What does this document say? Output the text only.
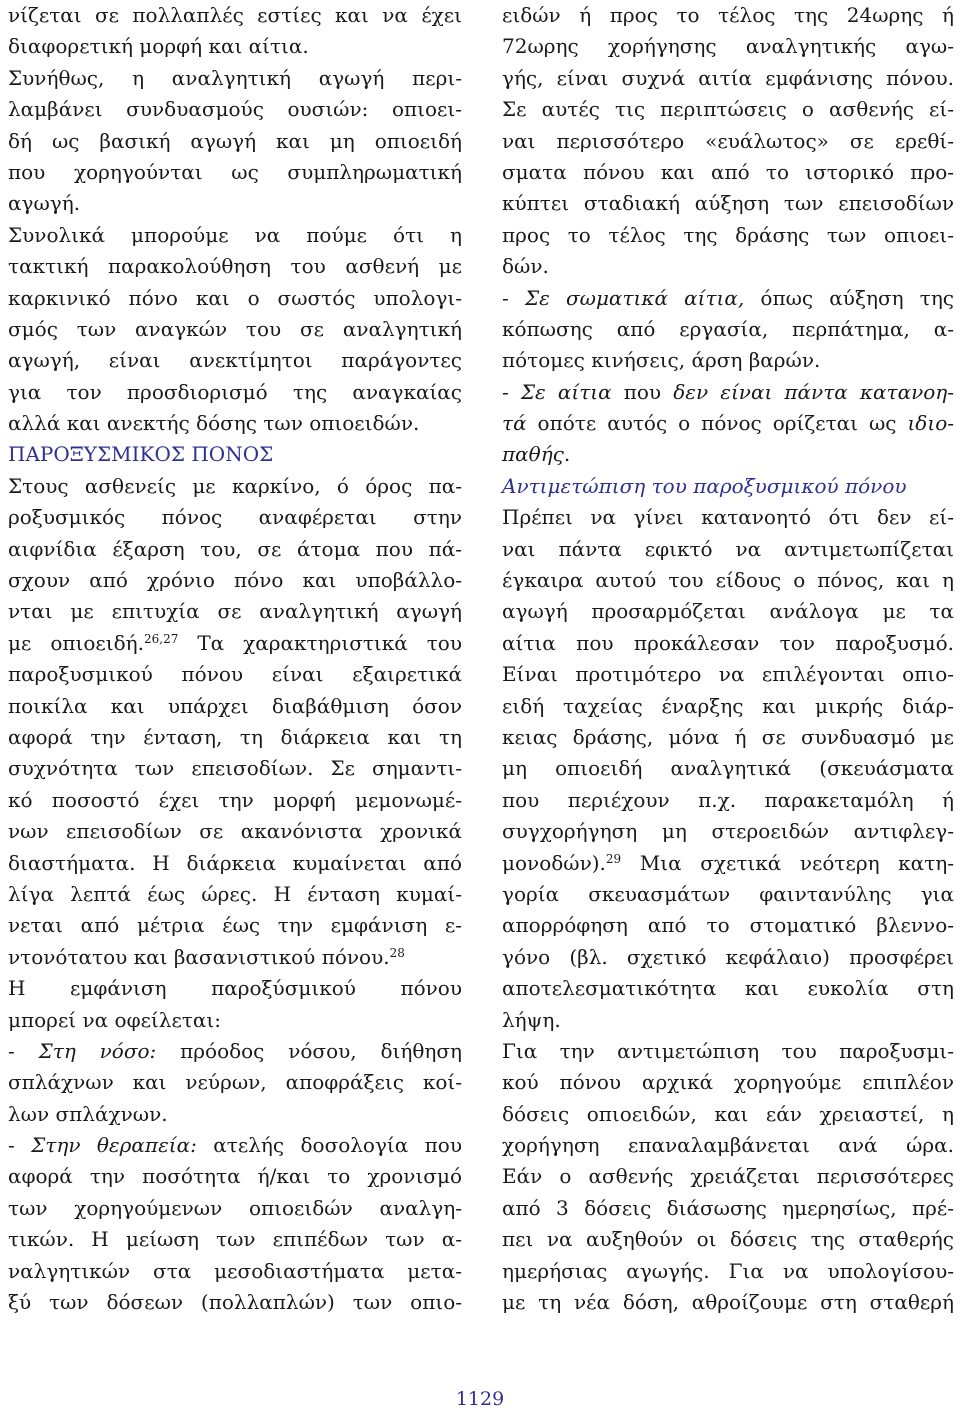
νίζεται σε πολλαπλές εστίες και να έχει
διαφορετική μορφή και αίτια.
Συνήθως, η αναλγητική αγωγή περι-
λαμβάνει συνδυασμούς ουσιών: οπιοει-
δή ως βασική αγωγή και μη οπιοειδή
που χορηγούνται ως συμπληρωματική
αγωγή.
Συνολικά μπορούμε να πούμε ότι η
τακτική παρακολούθηση του ασθενή με
καρκινικό πόνο και ο σωστός υπολογι-
σμός των αναγκών του σε αναλγητική
αγωγή, είναι ανεκτίμητοι παράγοντες
για τον προσδιορισμό της αναγκαίας
αλλά και ανεκτής δόσης των οπιοειδών.
ΠΑΡΟΞΥΣΜΙΚΟΣ ΠΟΝΟΣ
Στους ασθενείς με καρκίνο, ό όρος πα-
ροξυσμικός πόνος αναφέρεται στην
αιφνίδια έξαρση του, σε άτομα που πά-
σχουν από χρόνιο πόνο και υποβάλλο-
νται με επιτυχία σε αναλγητική αγωγή
με οπιοειδή.$^{26,27}$ Τα χαρακτηριστικά του
παροξυσμικού πόνου είναι εξαιρετικά
ποικίλα και υπάρχει διαβάθμιση όσον
αφορά την ένταση, τη διάρκεια και τη
συχνότητα των επεισοδίων. Σε σημαντι-
κό ποσοστό έχει την μορφή μεμονωμέ-
νων επεισοδίων σε ακανόνιστα χρονικά
διαστήματα. Η διάρκεια κυμαίνεται από
λίγα λεπτά έως ώρες. Η ένταση κυμαί-
νεται από μέτρια έως την εμφάνιση ε-
ντονότατου και βασανιστικού πόνου.$^{28}$
Η εμφάνιση παροξύσμικού πόνου
μπορεί να οφείλεται:
- Στη νόσο: πρόοδος νόσου, διήθηση
σπλάχνων και νεύρων, αποφράξεις κοί-
λων σπλάχνων.
- Στην θεραπεία: ατελής δοσολογία που
αφορά την ποσότητα ή/και το χρονισμό
των χορηγούμενων οπιοειδών αναλγη-
τικών. Η μείωση των επιπέδων των α-
ναλγητικών στα μεσοδιαστήματα μετα-
ξύ των δόσεων (πολλαπλών) των οπιο-
ειδών ή προς το τέλος της 24ωρης ή
72ωρης χορήγησης αναλγητικής αγω-
γής, είναι συχνά αιτία εμφάνισης πόνου.
Σε αυτές τις περιπτώσεις ο ασθενής εί-
ναι περισσότερο «ευάλωτος» σε ερεθί-
σματα πόνου και από το ιστορικό προ-
κύπτει σταδιακή αύξηση των επεισοδίων
προς το τέλος της δράσης των οπιοει-
δών.
- Σε σωματικά αίτια, όπως αύξηση της
κόπωσης από εργασία, περπάτημα, α-
πότομες κινήσεις, άρση βαρών.
- Σε αίτια που δεν είναι πάντα κατανοη-
τά οπότε αυτός ο πόνος ορίζεται ως ιδιο-
παθής.
Αντιμετώπιση του παροξυσμικού πόνου
Πρέπει να γίνει κατανοητό ότι δεν εί-
ναι πάντα εφικτό να αντιμετωπίζεται
έγκαιρα αυτού του είδους ο πόνος, και η
αγωγή προσαρμόζεται ανάλογα με τα
αίτια που προκάλεσαν τον παροξυσμό.
Είναι προτιμότερο να επιλέγονται οπιο-
ειδή ταχείας έναρξης και μικρής διάρ-
κειας δράσης, μόνα ή σε συνδυασμό με
μη οπιοειδή αναλγητικά (σκευάσματα
που περιέχουν π.χ. παρακεταμόλη ή
συγχορήγηση μη στεροειδών αντιφλεγ-
μονοδών).$^{29}$ Μια σχετικά νεότερη κατη-
γορία σκευασμάτων φαιντανύλης για
απορρόφηση από το στοματικό βλεννο-
γόνο (βλ. σχετικό κεφάλαιο) προσφέρει
αποτελεσματικότητα και ευκολία στη
λήψη.
Για την αντιμετώπιση του παροξυσμι-
κού πόνου αρχικά χορηγούμε επιπλέον
δόσεις οπιοειδών, και εάν χρειαστεί, η
χορήγηση επαναλαμβάνεται ανά ώρα.
Εάν ο ασθενής χρειάζεται περισσότερες
από 3 δόσεις διάσωσης ημερησίως, πρέ-
πει να αυξηθούν οι δόσεις της σταθερής
ημερήσιας αγωγής. Για να υπολογίσου-
με τη νέα δόση, αθροίζουμε στη σταθερή
1129
